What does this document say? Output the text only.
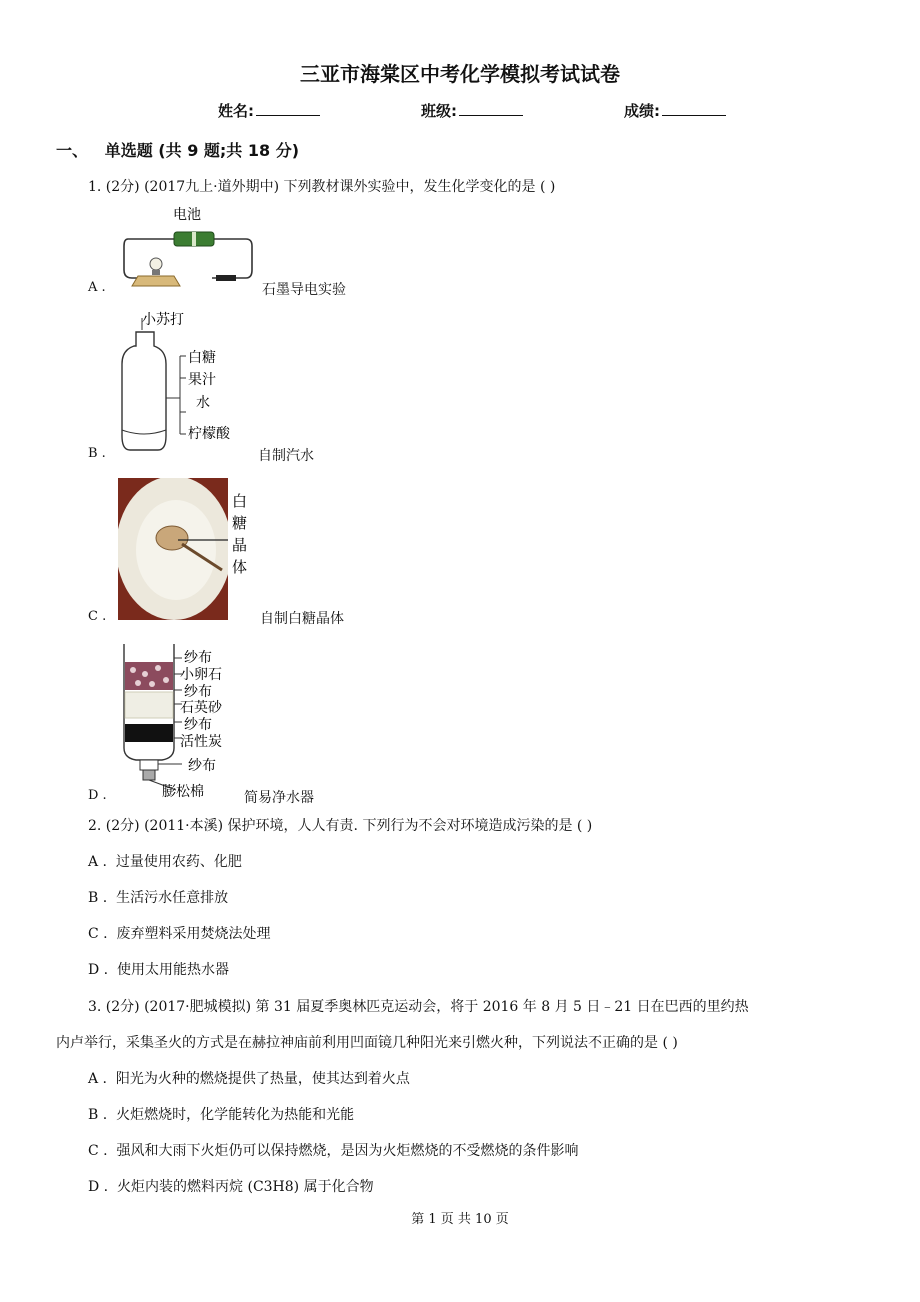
三亚市海棠区中考化学模拟考试试卷
姓名:	班级:	成绩:
一、 单选题 (共 9 题;共 18 分)
1. (2分) (2017九上·道外期中) 下列教材课外实验中，发生化学变化的是 ( )
电池
A .	石墨导电实验
小苏打
白糖
果汁
水
柠檬酸
B .	自制汽水
白
糖
晶
体
C .	自制白糖晶体
纱布
小卵石
纱布
石英砂
纱布
活性炭
纱布
膨松棉
D .	简易净水器
2. (2分) (2011·本溪) 保护环境，人人有责. 下列行为不会对环境造成污染的是 ( )
A . 过量使用农药、化肥
B . 生活污水任意排放
C . 废弃塑料采用焚烧法处理
D . 使用太用能热水器
3. (2分) (2017·肥城模拟) 第 31 届夏季奥林匹克运动会，将于 2016 年 8 月 5 日﹣21 日在巴西的里约热
内卢举行，采集圣火的方式是在赫拉神庙前利用凹面镜几种阳光来引燃火种，下列说法不正确的是 ( )
A . 阳光为火种的燃烧提供了热量，使其达到着火点
B . 火炬燃烧时，化学能转化为热能和光能
C . 强风和大雨下火炬仍可以保持燃烧，是因为火炬燃烧的不受燃烧的条件影响
D . 火炬内装的燃料丙烷 (C3H8) 属于化合物
第 1 页 共 10 页
